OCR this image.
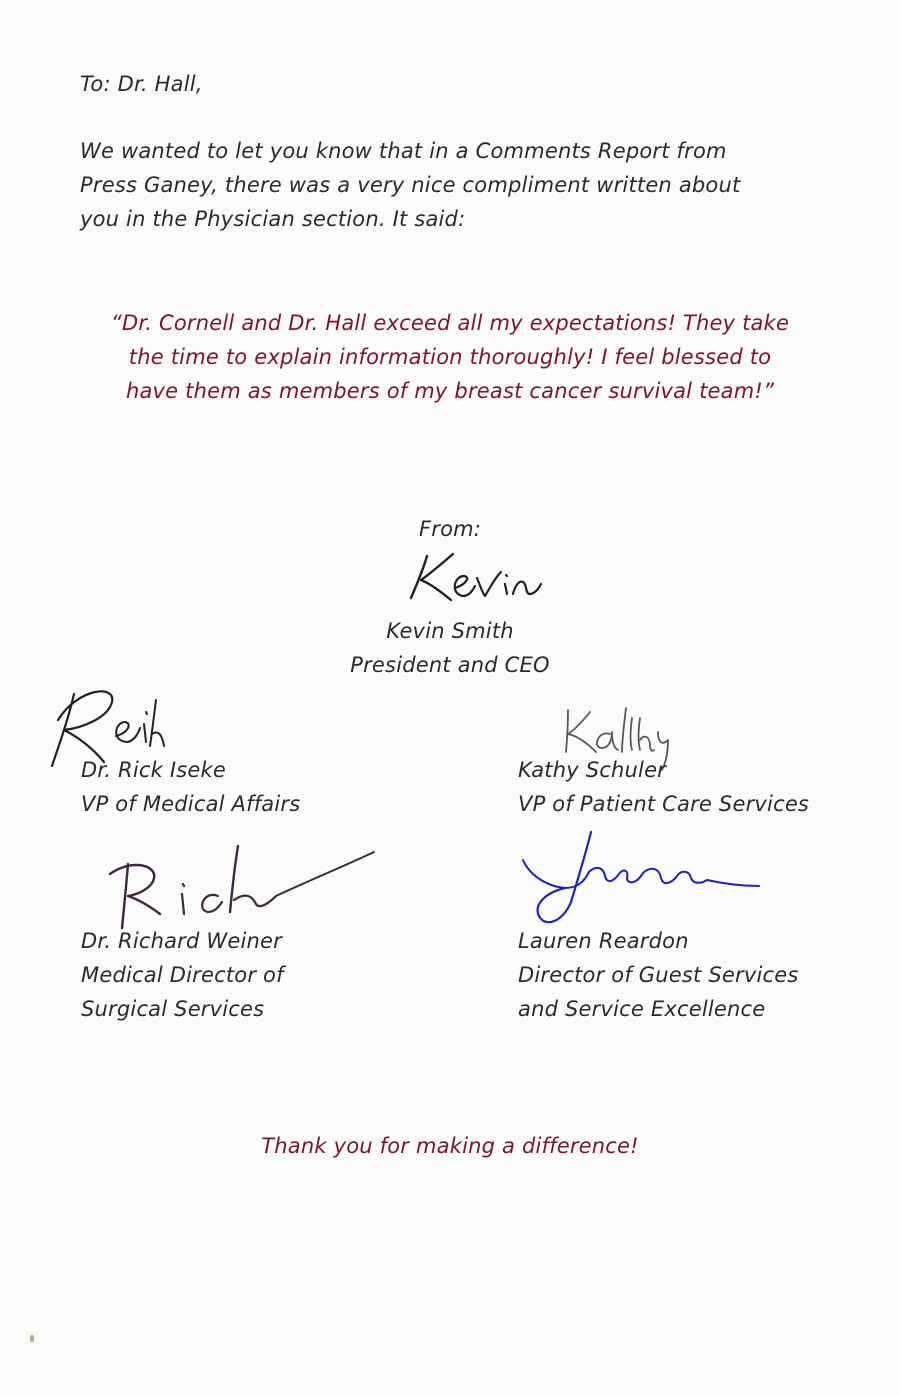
To: Dr. Hall,
We wanted to let you know that in a Comments Report from
Press Ganey, there was a very nice compliment written about
you in the Physician section. It said:
“Dr. Cornell and Dr. Hall exceed all my expectations! They take
the time to explain information thoroughly! I feel blessed to
have them as members of my breast cancer survival team!”
From:
Kevin Smith
President and CEO
Dr. Rick Iseke
VP of Medical Affairs
Kathy Schuler
VP of Patient Care Services
Dr. Richard Weiner
Medical Director of
Surgical Services
Lauren Reardon
Director of Guest Services
and Service Excellence
Thank you for making a difference!
